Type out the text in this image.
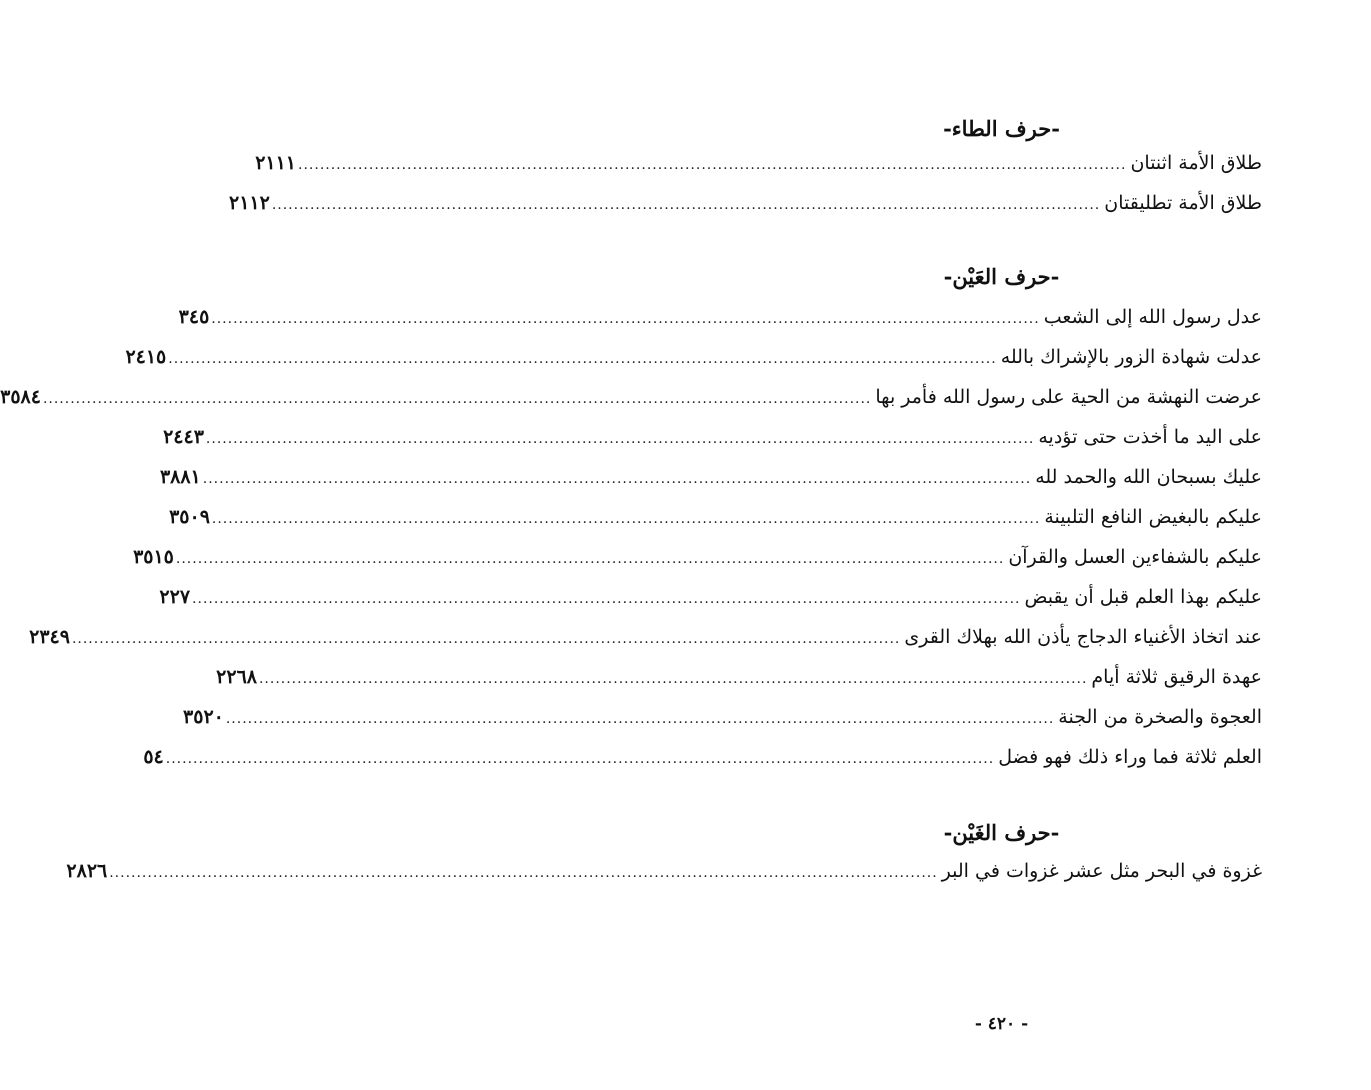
-حرف الطاء-
طلاق الأمة اثنتان
........................................................................................................................................................
٢١١١
طلاق الأمة تطليقتان
........................................................................................................................................................
٢١١٢
-حرف العَيْن-
عدل رسول الله إلى الشعب
........................................................................................................................................................
٣٤٥
عدلت شهادة الزور بالإشراك بالله
........................................................................................................................................................
٢٤١٥
عرضت النهشة من الحية على رسول الله فأمر بها
........................................................................................................................................................
٣٥٨٤
على اليد ما أخذت حتى تؤديه
........................................................................................................................................................
٢٤٤٣
عليك بسبحان الله والحمد لله
........................................................................................................................................................
٣٨٨١
عليكم بالبغيض النافع التلبينة
........................................................................................................................................................
٣٥٠٩
عليكم بالشفاءين العسل والقرآن
........................................................................................................................................................
٣٥١٥
عليكم بهذا العلم قبل أن يقبض
........................................................................................................................................................
٢٢٧
عند اتخاذ الأغنياء الدجاج يأذن الله بهلاك القرى
........................................................................................................................................................
٢٣٤٩
عهدة الرقيق ثلاثة أيام
........................................................................................................................................................
٢٢٦٨
العجوة والصخرة من الجنة
........................................................................................................................................................
٣٥٢٠
العلم ثلاثة فما وراء ذلك فهو فضل
........................................................................................................................................................
٥٤
-حرف الغَيْن-
غزوة في البحر مثل عشر غزوات في البر
........................................................................................................................................................
٢٨٢٦
- ٤٢٠ -
